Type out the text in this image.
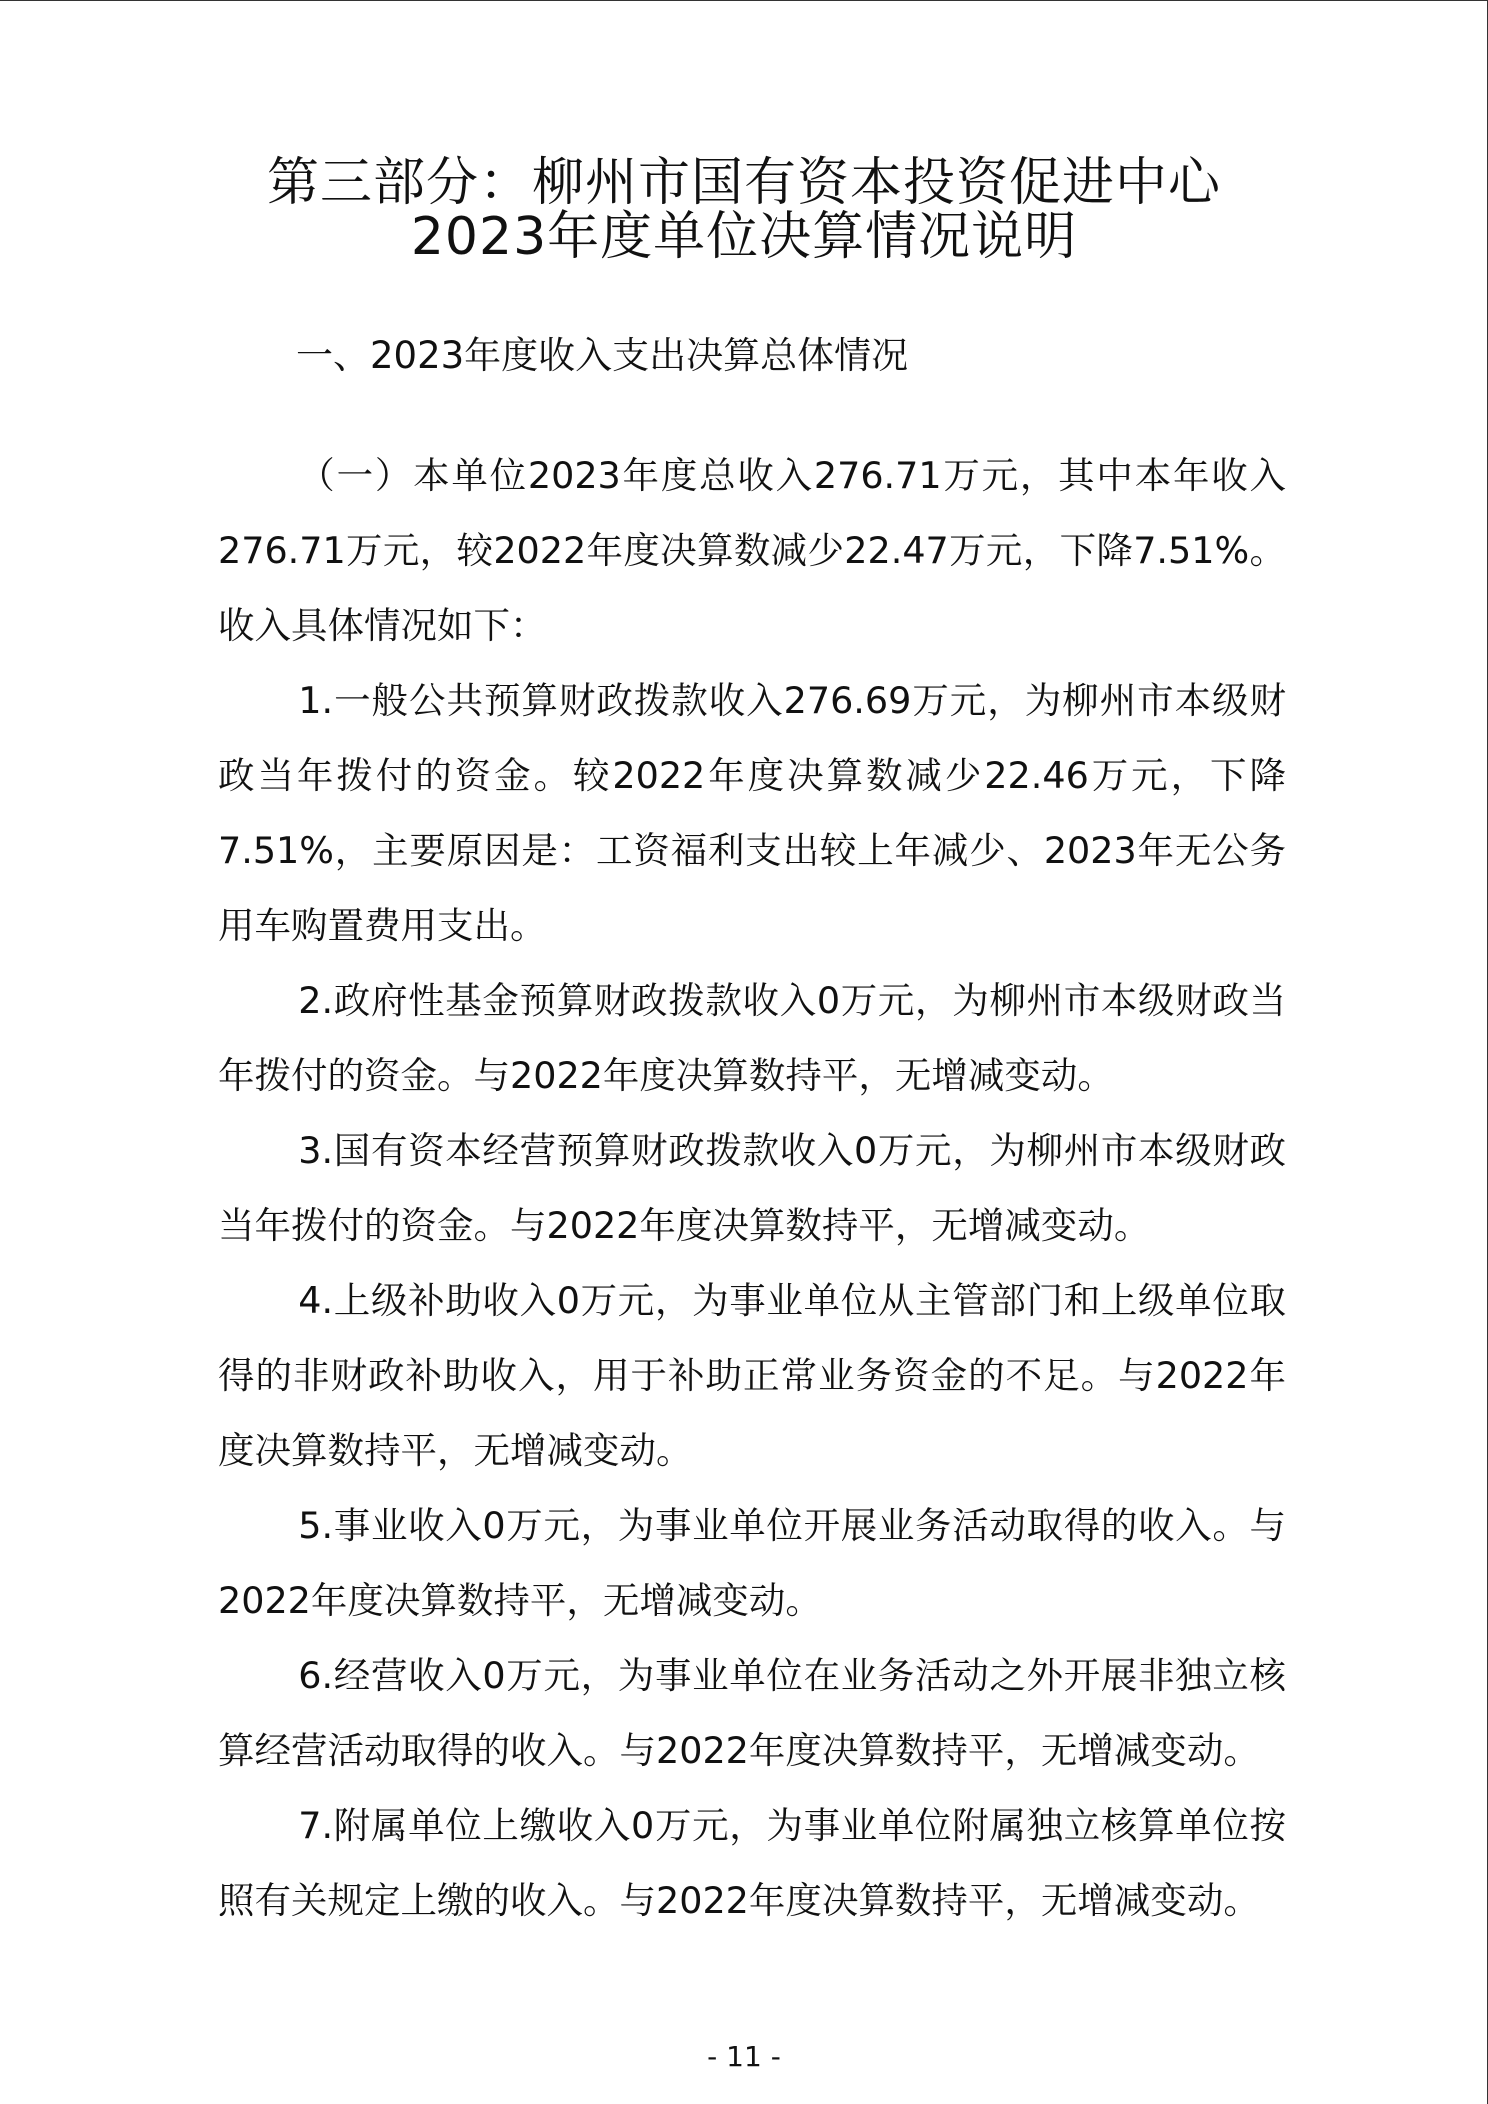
第三部分：柳州市国有资本投资促进中心
2023年度单位决算情况说明
一、2023年度收入支出决算总体情况

（一）本单位2023年度总收入276.71万元，其中本年收入276.71万元，较2022年度决算数减少22.47万元，下降7.51%。收入具体情况如下：

1.一般公共预算财政拨款收入276.69万元，为柳州市本级财政当年拨付的资金。较2022年度决算数减少22.46万元，下降7.51%，主要原因是：工资福利支出较上年减少、2023年无公务用车购置费用支出。

2.政府性基金预算财政拨款收入0万元，为柳州市本级财政当年拨付的资金。与2022年度决算数持平，无增减变动。

3.国有资本经营预算财政拨款收入0万元，为柳州市本级财政当年拨付的资金。与2022年度决算数持平，无增减变动。

4.上级补助收入0万元，为事业单位从主管部门和上级单位取得的非财政补助收入，用于补助正常业务资金的不足。与2022年度决算数持平，无增减变动。

5.事业收入0万元，为事业单位开展业务活动取得的收入。与2022年度决算数持平，无增减变动。

6.经营收入0万元，为事业单位在业务活动之外开展非独立核算经营活动取得的收入。与2022年度决算数持平，无增减变动。

7.附属单位上缴收入0万元，为事业单位附属独立核算单位按照有关规定上缴的收入。与2022年度决算数持平，无增减变动。

- 11 -
